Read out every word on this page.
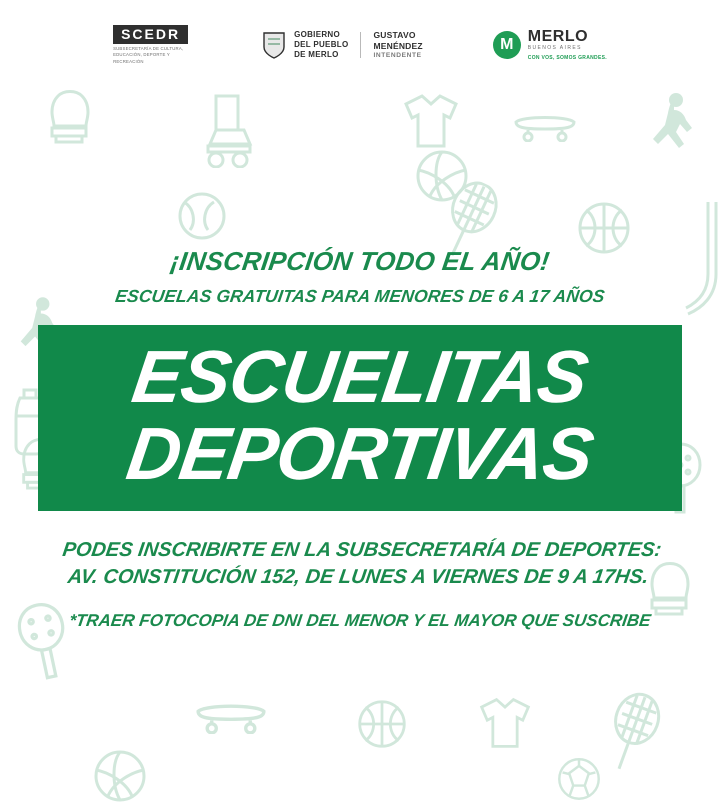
SCEDR
SUBSECRETARÍA DE CULTURA, EDUCACIÓN, DEPORTE Y RECREACIÓN
GOBIERNO
DEL PUEBLO
DE MERLO
GUSTAVO
MENÉNDEZ
INTENDENTE
M MERLO
BUENOS AIRES
CON VOS, SOMOS GRANDES.
¡INSCRIPCIÓN TODO EL AÑO!
ESCUELAS GRATUITAS PARA MENORES DE 6 A 17 AÑOS
ESCUELITAS
DEPORTIVAS
PODES INSCRIBIRTE EN LA SUBSECRETARÍA DE DEPORTES:
AV. CONSTITUCIÓN 152, DE LUNES A VIERNES DE 9 A 17HS.
*TRAER FOTOCOPIA DE DNI DEL MENOR Y EL MAYOR QUE SUSCRIBE
